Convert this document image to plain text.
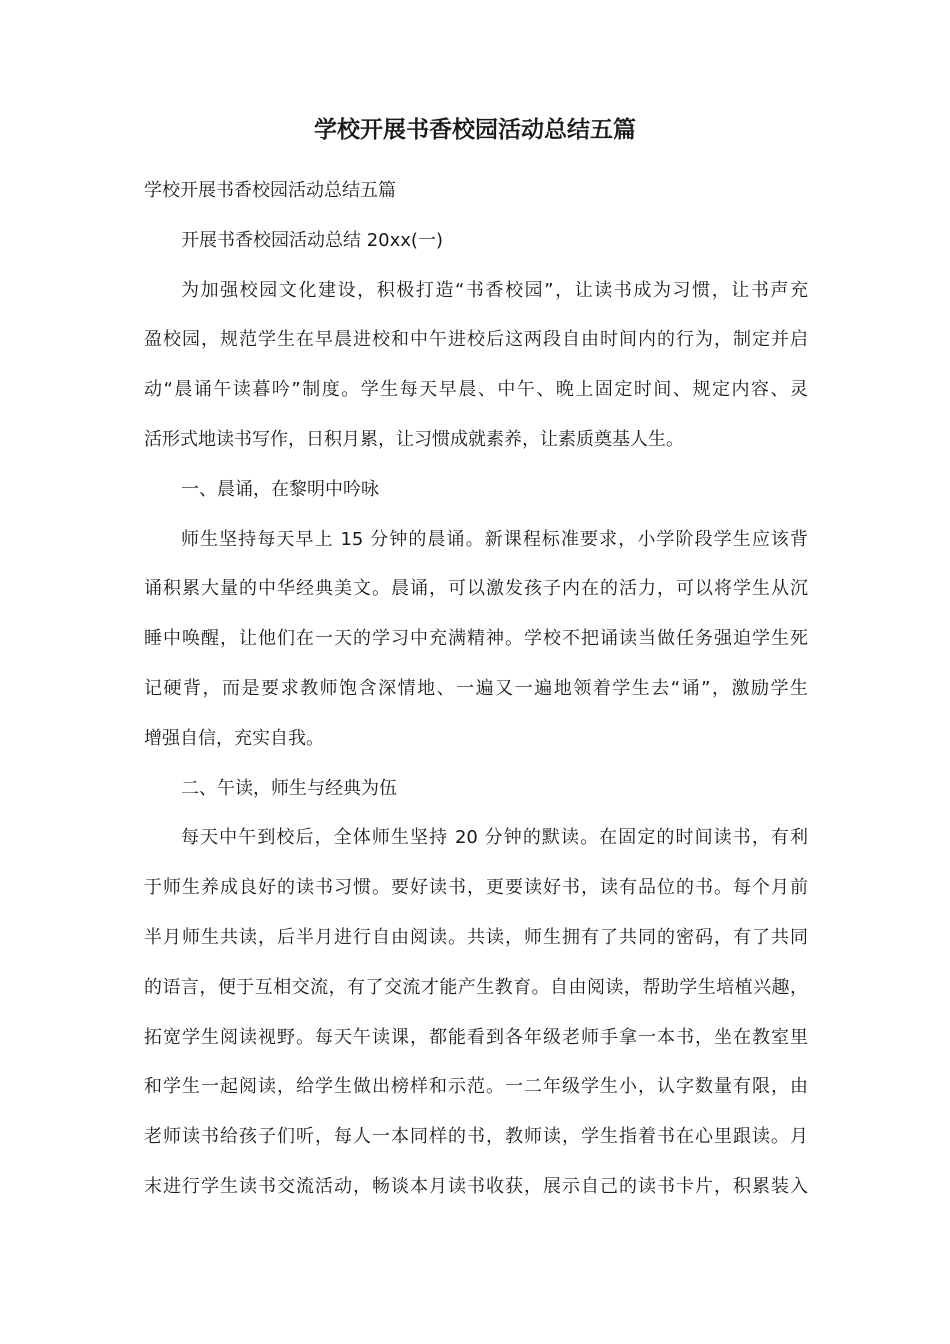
学校开展书香校园活动总结五篇

学校开展书香校园活动总结五篇

开展书香校园活动总结 20xx(一)

为加强校园文化建设，积极打造“书香校园”，让读书成为习惯，让书声充

盈校园，规范学生在早晨进校和中午进校后这两段自由时间内的行为，制定并启

动“晨诵午读暮吟”制度。学生每天早晨、中午、晚上固定时间、规定内容、灵

活形式地读书写作，日积月累，让习惯成就素养，让素质奠基人生。

一、晨诵，在黎明中吟咏

师生坚持每天早上 15 分钟的晨诵。新课程标准要求，小学阶段学生应该背

诵积累大量的中华经典美文。晨诵，可以激发孩子内在的活力，可以将学生从沉

睡中唤醒，让他们在一天的学习中充满精神。学校不把诵读当做任务强迫学生死

记硬背，而是要求教师饱含深情地、一遍又一遍地领着学生去“诵”，激励学生

增强自信，充实自我。

二、午读，师生与经典为伍

每天中午到校后，全体师生坚持 20 分钟的默读。在固定的时间读书，有利

于师生养成良好的读书习惯。要好读书，更要读好书，读有品位的书。每个月前

半月师生共读，后半月进行自由阅读。共读，师生拥有了共同的密码，有了共同

的语言，便于互相交流，有了交流才能产生教育。自由阅读，帮助学生培植兴趣，

拓宽学生阅读视野。每天午读课，都能看到各年级老师手拿一本书，坐在教室里

和学生一起阅读，给学生做出榜样和示范。一二年级学生小，认字数量有限，由

老师读书给孩子们听，每人一本同样的书，教师读，学生指着书在心里跟读。月

末进行学生读书交流活动，畅谈本月读书收获，展示自己的读书卡片，积累装入
